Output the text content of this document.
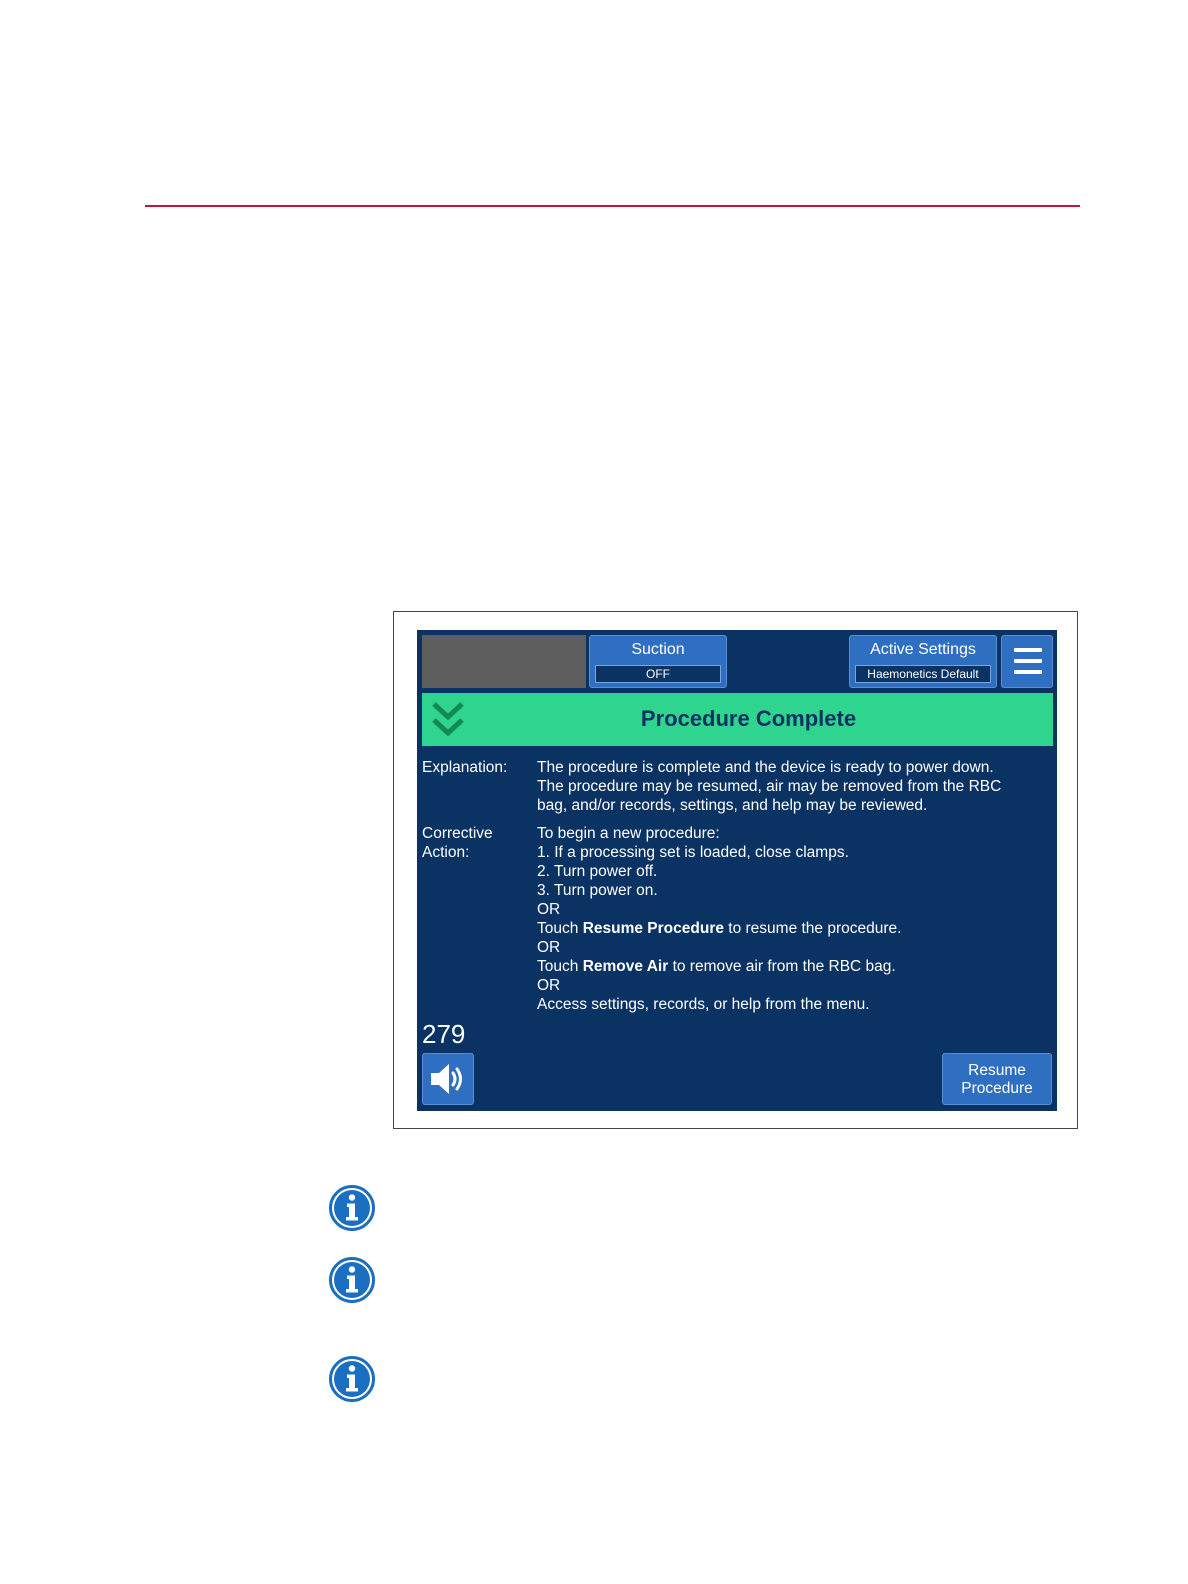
Suction
OFF
Active Settings
Haemonetics Default
Procedure Complete
Explanation: The procedure is complete and the device is ready to power down.
The procedure may be resumed, air may be removed from the RBC
bag, and/or records, settings, and help may be reviewed.
Corrective
Action:
To begin a new procedure:
1. If a processing set is loaded, close clamps.
2. Turn power off.
3. Turn power on.
OR
Touch Resume Procedure to resume the procedure.
OR
Touch Remove Air to remove air from the RBC bag.
OR
Access settings, records, or help from the menu.
279
Resume
Procedure
